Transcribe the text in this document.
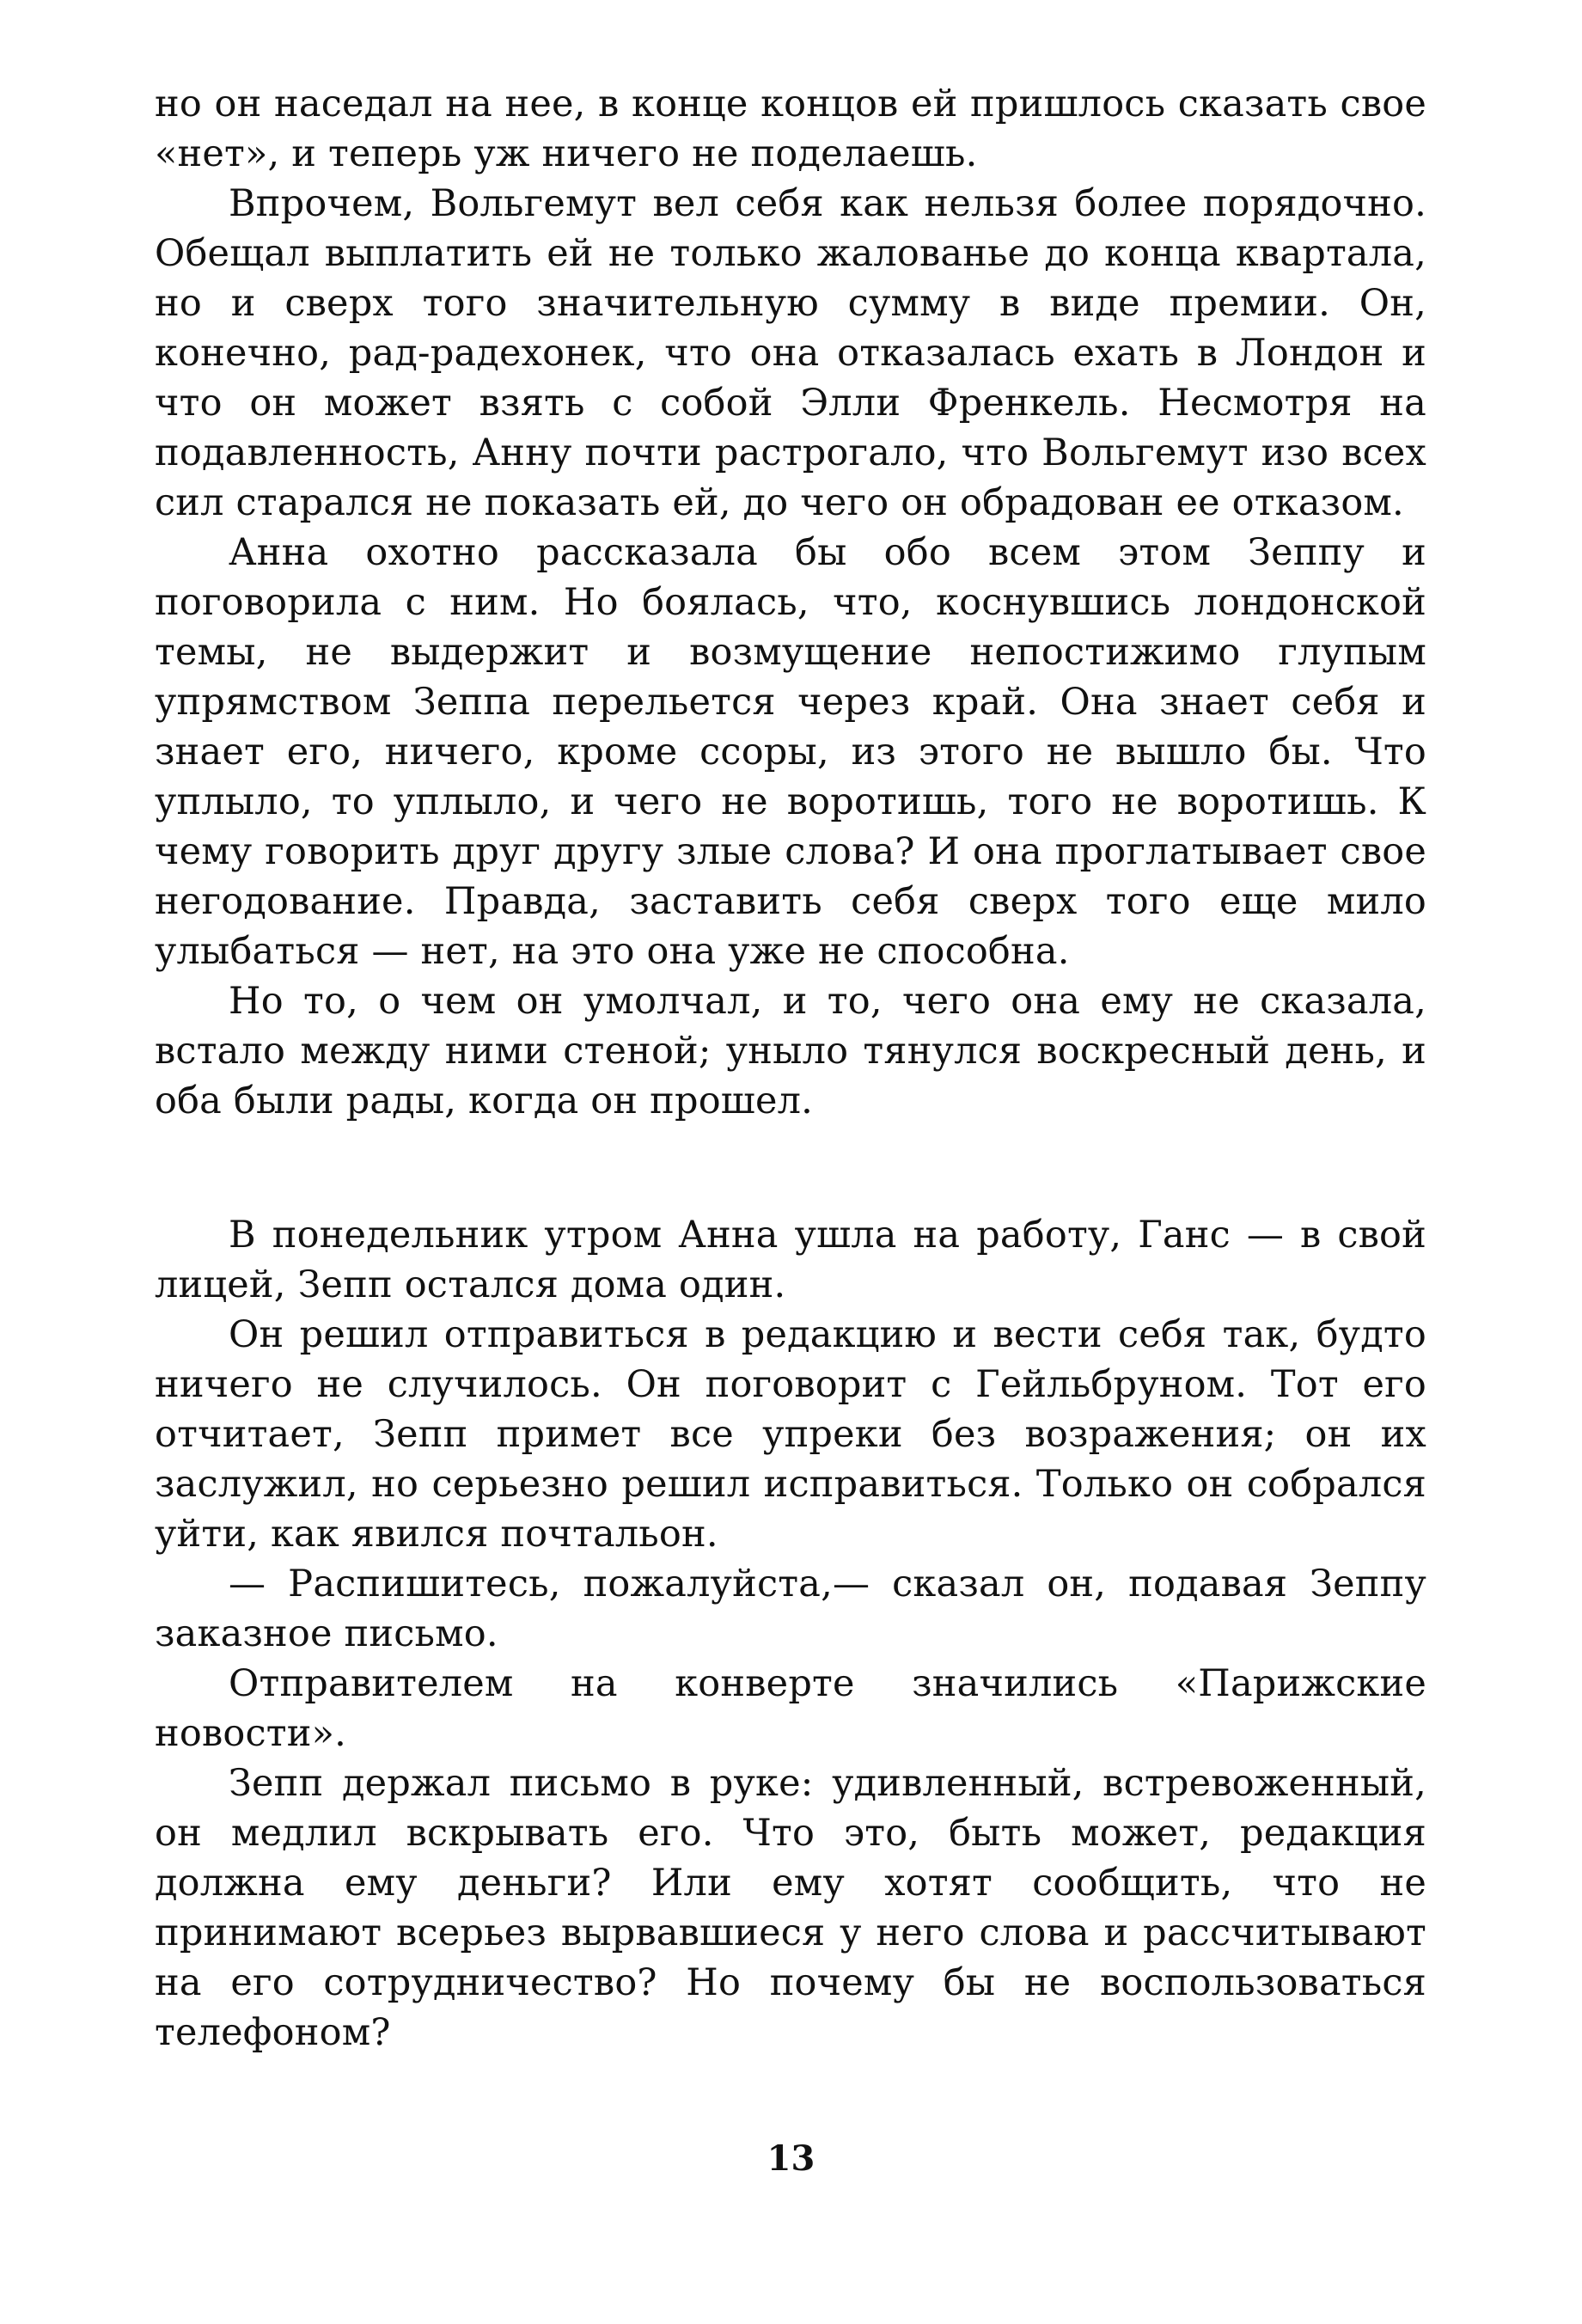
но он наседал на нее, в конце концов ей пришлось сказать свое «нет», и теперь уж ничего не поделаешь.

Впрочем, Вольгемут вел себя как нельзя более порядочно. Обещал выплатить ей не только жалованье до конца квартала, но и сверх того значительную сумму в виде премии. Он, конечно, рад-радехонек, что она отказалась ехать в Лондон и что он может взять с собой Элли Френкель. Несмотря на подавленность, Анну почти растрогало, что Вольгемут изо всех сил старался не показать ей, до чего он обрадован ее отказом.

Анна охотно рассказала бы обо всем этом Зеппу и поговорила с ним. Но боялась, что, коснувшись лондонской темы, не выдержит и возмущение непостижимо глупым упрямством Зеппа перельется через край. Она знает себя и знает его, ничего, кроме ссоры, из этого не вышло бы. Что уплыло, то уплыло, и чего не воротишь, того не воротишь. К чему говорить друг другу злые слова? И она проглатывает свое негодование. Правда, заставить себя сверх того еще мило улыбаться — нет, на это она уже не способна.

Но то, о чем он умолчал, и то, чего она ему не сказала, встало между ними стеной; уныло тянулся воскресный день, и оба были рады, когда он прошел.

В понедельник утром Анна ушла на работу, Ганс — в свой лицей, Зепп остался дома один.

Он решил отправиться в редакцию и вести себя так, будто ничего не случилось. Он поговорит с Гейльбруном. Тот его отчитает, Зепп примет все упреки без возражения; он их заслужил, но серьезно решил исправиться. Только он собрался уйти, как явился почтальон.

— Распишитесь, пожалуйста,— сказал он, подавая Зеппу заказное письмо.

Отправителем на конверте значились «Парижские новости».

Зепп держал письмо в руке: удивленный, встревоженный, он медлил вскрывать его. Что это, быть может, редакция должна ему деньги? Или ему хотят сообщить, что не принимают всерьез вырвавшиеся у него слова и рассчитывают на его сотрудничество? Но почему бы не воспользоваться телефоном?

13
